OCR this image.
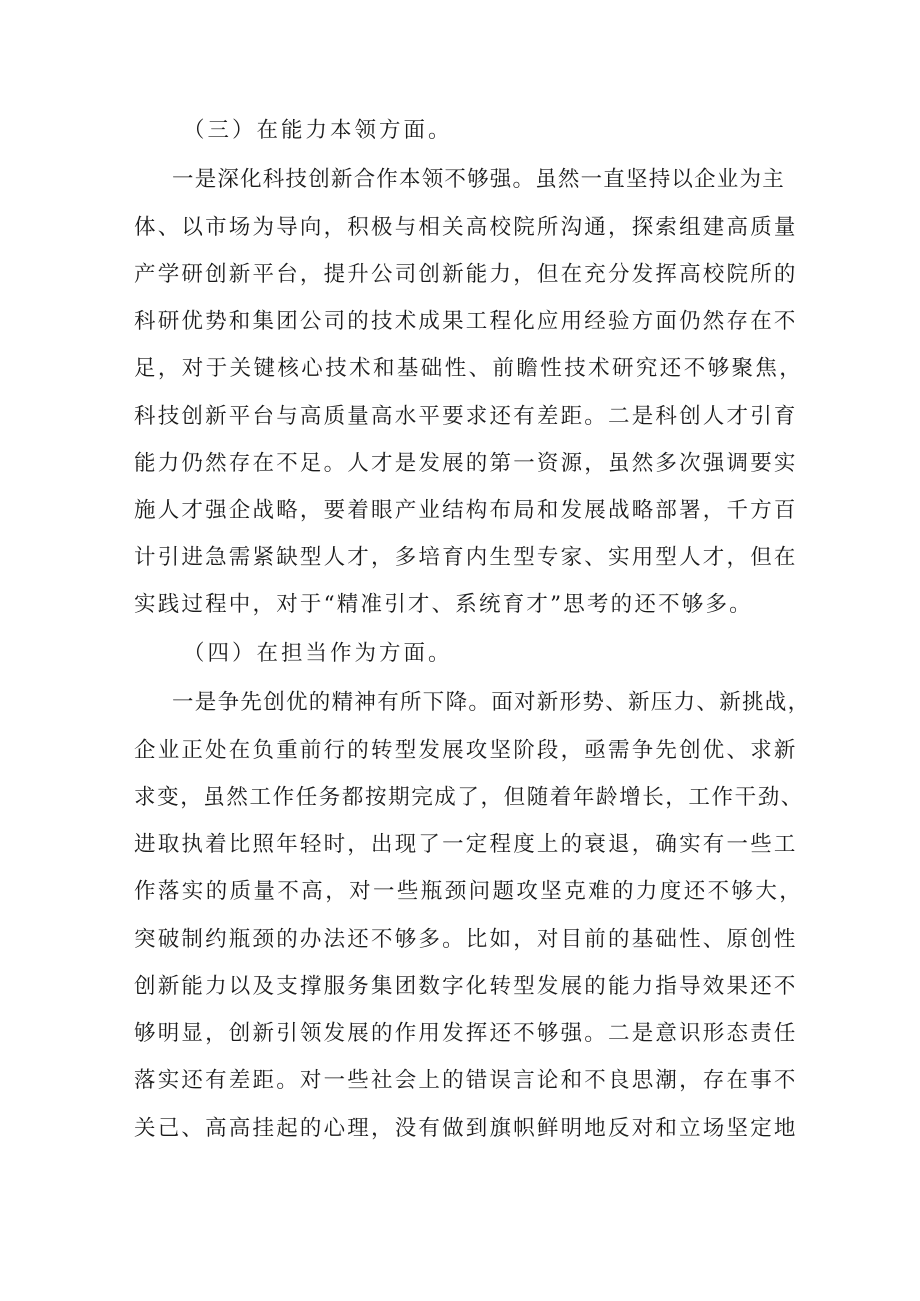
（三）在能力本领方面。

一是深化科技创新合作本领不够强。虽然一直坚持以企业为主

体、以市场为导向，积极与相关高校院所沟通，探索组建高质量

产学研创新平台，提升公司创新能力，但在充分发挥高校院所的

科研优势和集团公司的技术成果工程化应用经验方面仍然存在不

足，对于关键核心技术和基础性、前瞻性技术研究还不够聚焦，

科技创新平台与高质量高水平要求还有差距。二是科创人才引育

能力仍然存在不足。人才是发展的第一资源，虽然多次强调要实

施人才强企战略，要着眼产业结构布局和发展战略部署，千方百

计引进急需紧缺型人才，多培育内生型专家、实用型人才，但在

实践过程中，对于“精准引才、系统育才”思考的还不够多。

（四）在担当作为方面。

一是争先创优的精神有所下降。面对新形势、新压力、新挑战，

企业正处在负重前行的转型发展攻坚阶段，亟需争先创优、求新

求变，虽然工作任务都按期完成了，但随着年龄增长，工作干劲、

进取执着比照年轻时，出现了一定程度上的衰退，确实有一些工

作落实的质量不高，对一些瓶颈问题攻坚克难的力度还不够大，

突破制约瓶颈的办法还不够多。比如，对目前的基础性、原创性

创新能力以及支撑服务集团数字化转型发展的能力指导效果还不

够明显，创新引领发展的作用发挥还不够强。二是意识形态责任

落实还有差距。对一些社会上的错误言论和不良思潮，存在事不

关己、高高挂起的心理，没有做到旗帜鲜明地反对和立场坚定地
